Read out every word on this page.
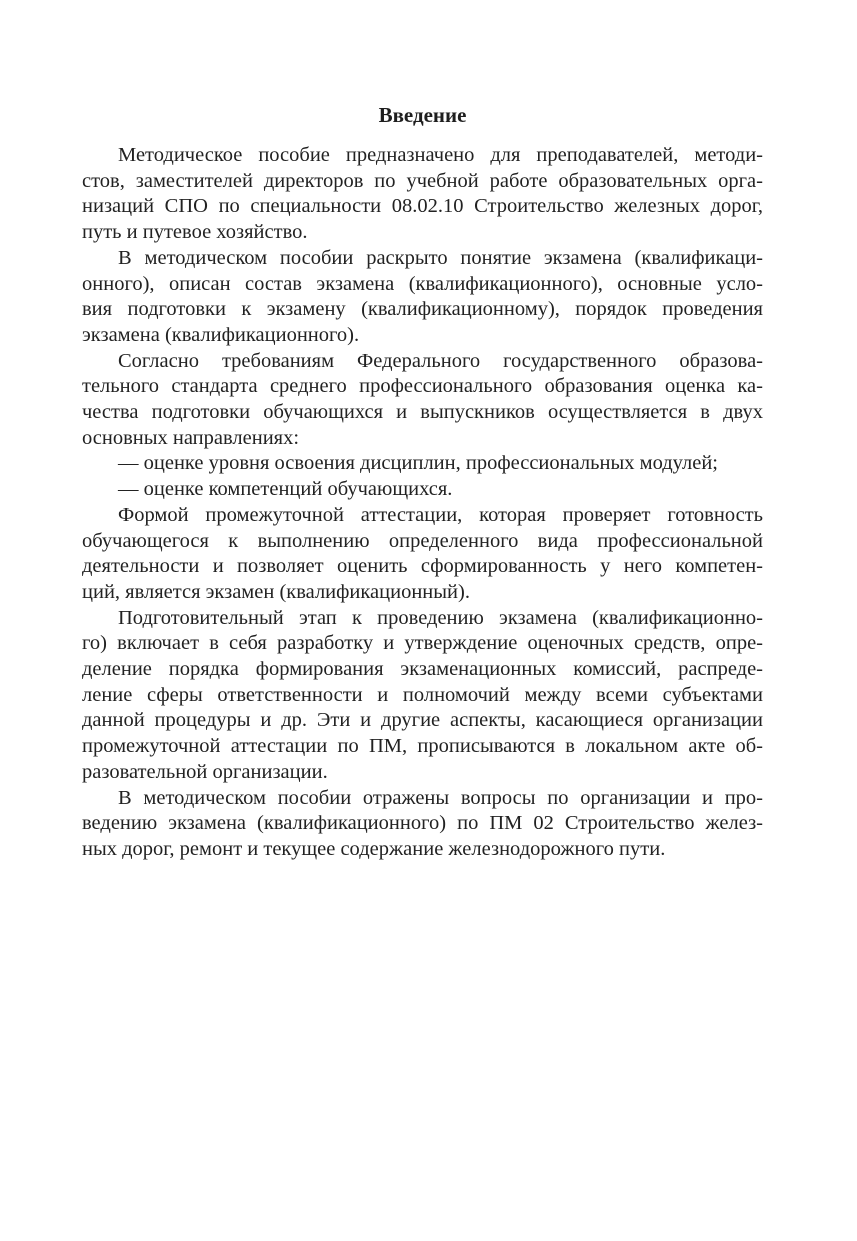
Введение
Методическое пособие предназначено для преподавателей, методи-
стов, заместителей директоров по учебной работе образовательных орга-
низаций СПО по специальности 08.02.10 Строительство железных дорог,
путь и путевое хозяйство.
В методическом пособии раскрыто понятие экзамена (квалификаци-
онного), описан состав экзамена (квалификационного), основные усло-
вия подготовки к экзамену (квалификационному), порядок проведения
экзамена (квалификационного).
Согласно требованиям Федерального государственного образова-
тельного стандарта среднего профессионального образования оценка ка-
чества подготовки обучающихся и выпускников осуществляется в двух
основных направлениях:
— оценке уровня освоения дисциплин, профессиональных модулей;
— оценке компетенций обучающихся.
Формой промежуточной аттестации, которая проверяет готовность
обучающегося к выполнению определенного вида профессиональной
деятельности и позволяет оценить сформированность у него компетен-
ций, является экзамен (квалификационный).
Подготовительный этап к проведению экзамена (квалификационно-
го) включает в себя разработку и утверждение оценочных средств, опре-
деление порядка формирования экзаменационных комиссий, распреде-
ление сферы ответственности и полномочий между всеми субъектами
данной процедуры и др. Эти и другие аспекты, касающиеся организации
промежуточной аттестации по ПМ, прописываются в локальном акте об-
разовательной организации.
В методическом пособии отражены вопросы по организации и про-
ведению экзамена (квалификационного) по ПМ 02 Строительство желез-
ных дорог, ремонт и текущее содержание железнодорожного пути.
